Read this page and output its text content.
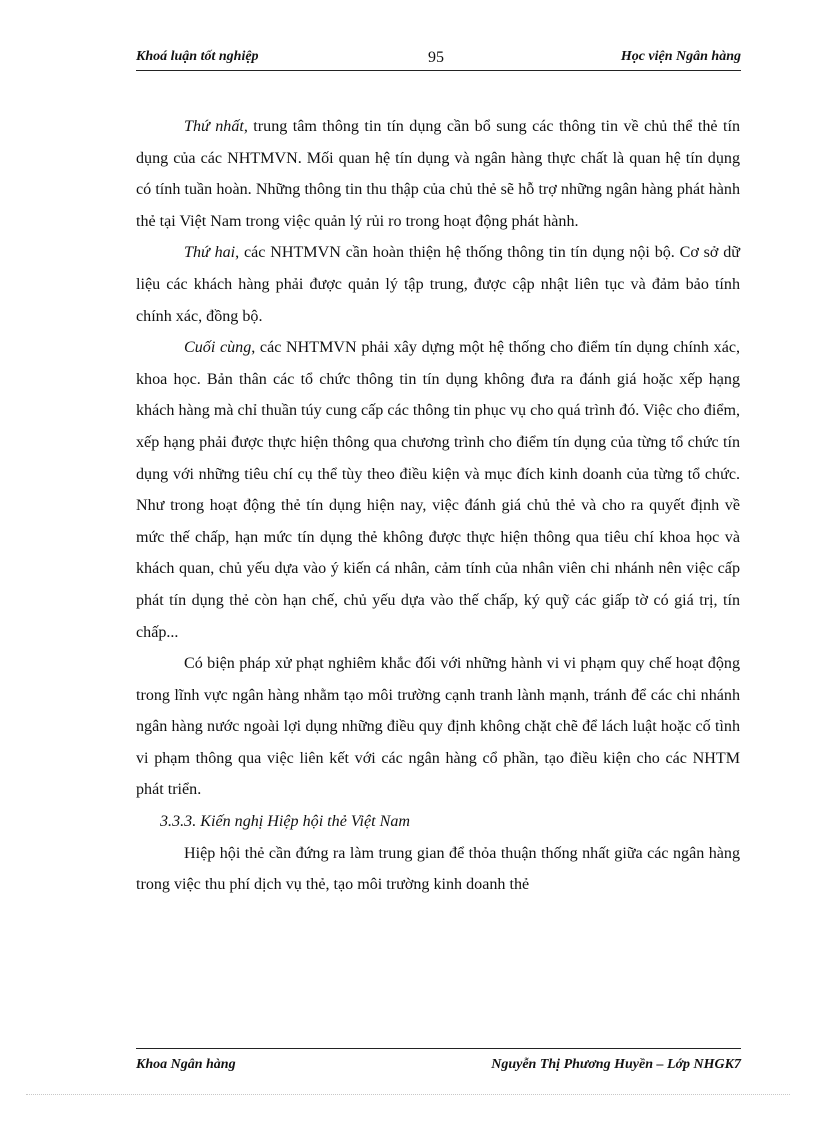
Khoá luận tốt nghiệp	95	Học viện Ngân hàng

Thứ nhất, trung tâm thông tin tín dụng cần bổ sung các thông tin về chủ thể thẻ tín dụng của các NHTMVN. Mối quan hệ tín dụng và ngân hàng thực chất là quan hệ tín dụng có tính tuần hoàn. Những thông tin thu thập của chủ thẻ sẽ hỗ trợ những ngân hàng phát hành thẻ tại Việt Nam trong việc quản lý rủi ro trong hoạt động phát hành.

Thứ hai, các NHTMVN cần hoàn thiện hệ thống thông tin tín dụng nội bộ. Cơ sở dữ liệu các khách hàng phải được quản lý tập trung, được cập nhật liên tục và đảm bảo tính chính xác, đồng bộ.

Cuối cùng, các NHTMVN phải xây dựng một hệ thống cho điểm tín dụng chính xác, khoa học. Bản thân các tổ chức thông tin tín dụng không đưa ra đánh giá hoặc xếp hạng khách hàng mà chỉ thuần túy cung cấp các thông tin phục vụ cho quá trình đó. Việc cho điểm, xếp hạng phải được thực hiện thông qua chương trình cho điểm tín dụng của từng tổ chức tín dụng với những tiêu chí cụ thể tùy theo điều kiện và mục đích kinh doanh của từng tổ chức. Như trong hoạt động thẻ tín dụng hiện nay, việc đánh giá chủ thẻ và cho ra quyết định về mức thế chấp, hạn mức tín dụng thẻ không được thực hiện thông qua tiêu chí khoa học và khách quan, chủ yếu dựa vào ý kiến cá nhân, cảm tính của nhân viên chi nhánh nên việc cấp phát tín dụng thẻ còn hạn chế, chủ yếu dựa vào thế chấp, ký quỹ các giấp tờ có giá trị, tín chấp...

Có biện pháp xử phạt nghiêm khắc đối với những hành vi vi phạm quy chế hoạt động trong lĩnh vực ngân hàng nhằm tạo môi trường cạnh tranh lành mạnh, tránh để các chi nhánh ngân hàng nước ngoài lợi dụng những điều quy định không chặt chẽ để lách luật hoặc cố tình vi phạm thông qua việc liên kết với các ngân hàng cổ phần, tạo điều kiện cho các NHTM phát triển.

3.3.3. Kiến nghị Hiệp hội thẻ Việt Nam

Hiệp hội thẻ cần đứng ra làm trung gian để thỏa thuận thống nhất giữa các ngân hàng trong việc thu phí dịch vụ thẻ, tạo môi trường kinh doanh thẻ

Khoa Ngân hàng	Nguyễn Thị Phương Huyền – Lớp NHGK7
